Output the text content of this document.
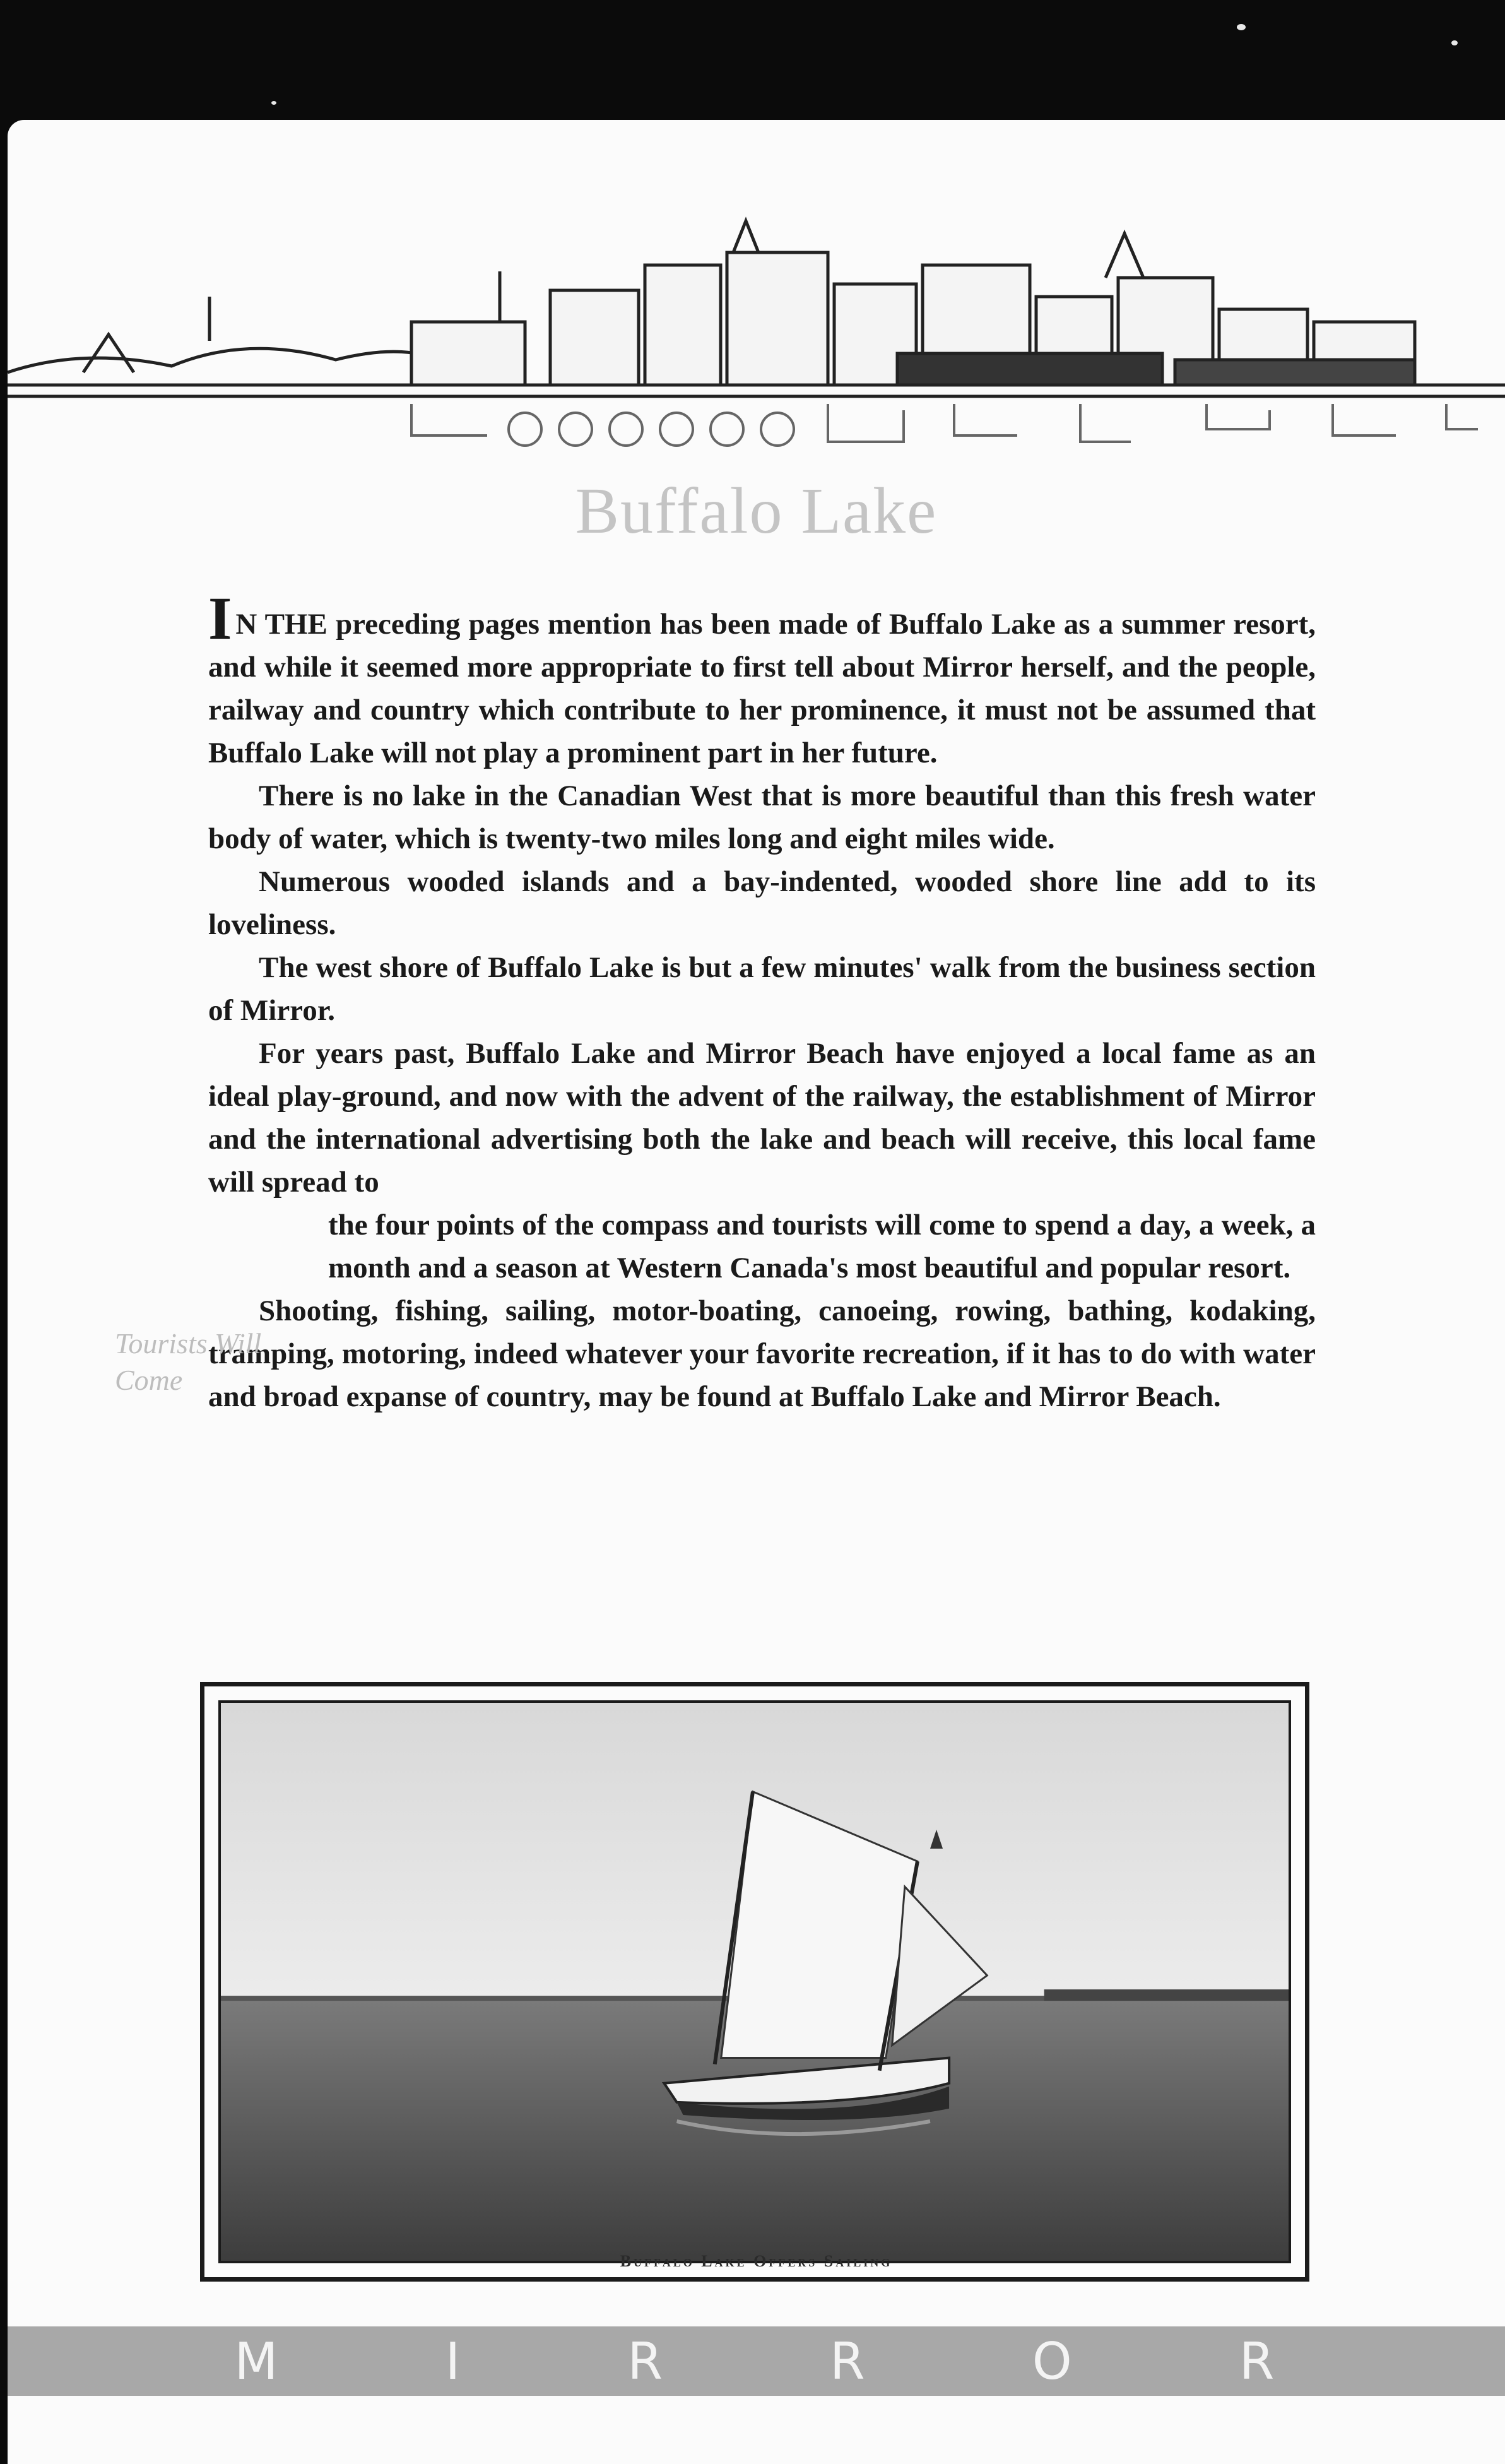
Buffalo Lake

I N THE preceding pages mention has been made of Buffalo Lake as a summer resort, and while it seemed more appropriate to first tell about Mirror herself, and the people, railway and country which contribute to her prominence, it must not be assumed that Buffalo Lake will not play a prominent part in her future.

There is no lake in the Canadian West that is more beautiful than this fresh water body of water, which is twenty-two miles long and eight miles wide.

Numerous wooded islands and a bay-indented, wooded shore line add to its loveliness.

The west shore of Buffalo Lake is but a few minutes' walk from the business section of Mirror.

For years past, Buffalo Lake and Mirror Beach have enjoyed a local fame as an ideal play-ground, and now with the advent of the railway, the establishment of Mirror and the international advertising both the lake and beach will receive, this local fame will spread to

the four points of the compass and tourists will come to spend a day, a week, a month and a season at Western Canada's most beautiful and popular resort.

Shooting, fishing, sailing, motor-boating, canoeing, rowing, bathing, kodaking, tramping, motoring, indeed whatever your favorite recreation, if it has to do with water and broad expanse of country, may be found at Buffalo Lake and Mirror Beach.

Tourists Will Come
Buffalo Lake Offers Sailing
M	I	R	R	O	R
